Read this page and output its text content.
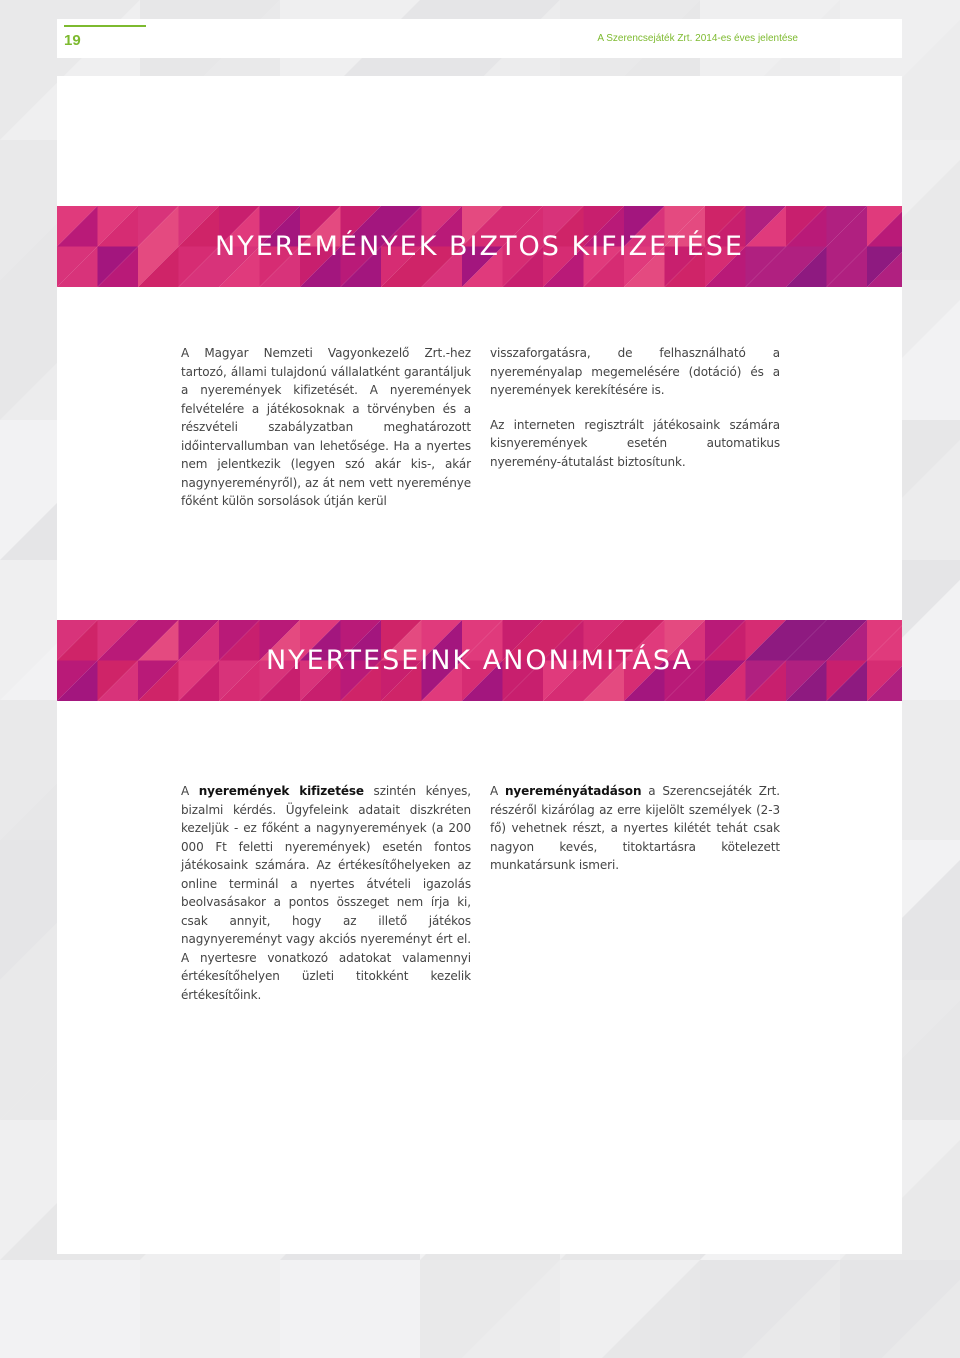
19	A Szerencsejáték Zrt. 2014-es éves jelentése
NYEREMÉNYEK BIZTOS KIFIZETÉSE

A Magyar Nemzeti Vagyonkezelő Zrt.-hez tartozó, állami tulajdonú vállalatként garantáljuk a nyeremények kifizetését. A nyeremények felvételére a játékosoknak a törvényben és a részvételi szabályzatban meghatározott időintervallumban van lehetősége. Ha a nyertes nem jelentkezik (legyen szó akár kis-, akár nagynyereményről), az át nem vett nyereménye főként külön sorsolások útján kerül

visszaforgatásra, de felhasználható a nyereményalap megemelésére (dotáció) és a nyeremények kerekítésére is.

Az interneten regisztrált játékosaink számára kisnyeremények esetén automatikus nyeremény-átutalást biztosítunk.

NYERTESEINK ANONIMITÁSA

A nyeremények kifizetése szintén kényes, bizalmi kérdés. Ügyfeleink adatait diszkréten kezeljük - ez főként a nagynyeremények (a 200 000 Ft feletti nyeremények) esetén fontos játékosaink számára. Az értékesítőhelyeken az online terminál a nyertes átvételi igazolás beolvasásakor a pontos összeget nem írja ki, csak annyit, hogy az illető játékos nagynyereményt vagy akciós nyereményt ért el. A nyertesre vonatkozó adatokat valamennyi értékesítőhelyen üzleti titokként kezelik értékesítőink.

A nyereményátadáson a Szerencsejáték Zrt. részéről kizárólag az erre kijelölt személyek (2-3 fő) vehetnek részt, a nyertes kilétét tehát csak nagyon kevés, titoktartásra kötelezett munkatársunk ismeri.
